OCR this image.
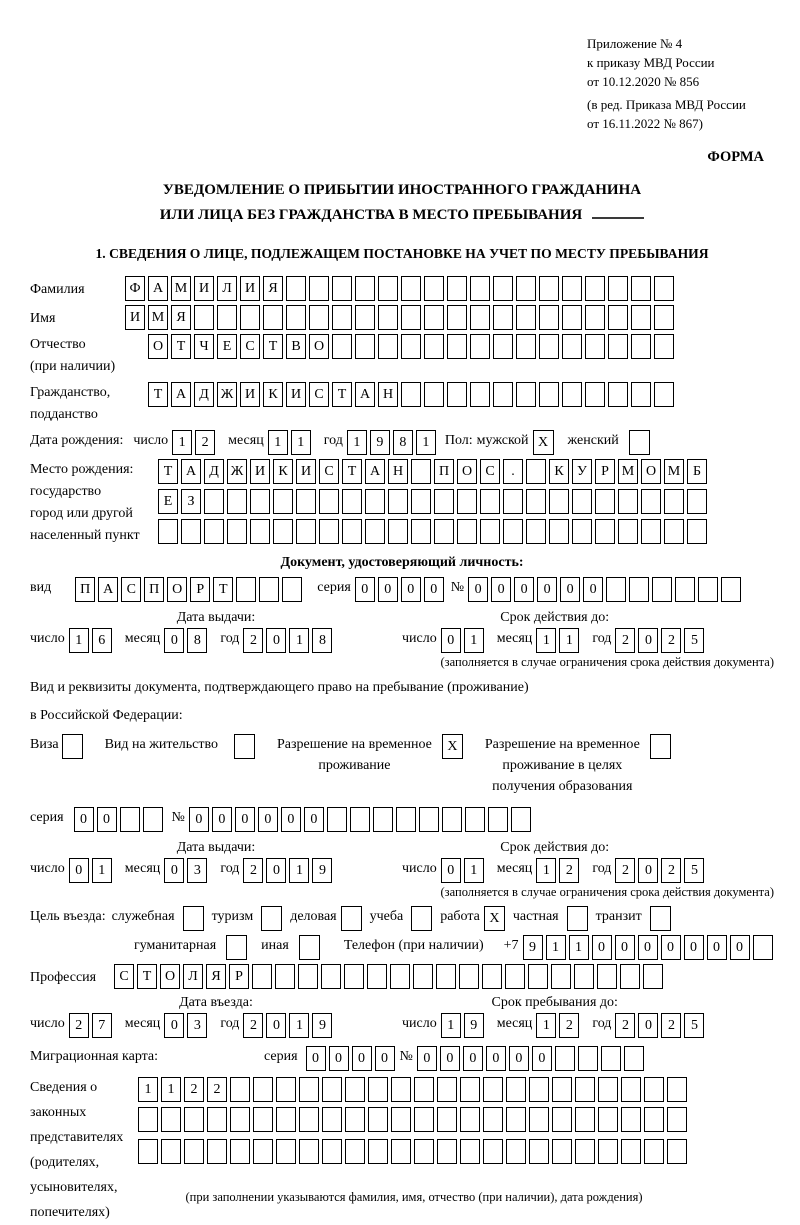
Приложение № 4
к приказу МВД России
от 10.12.2020 № 856
(в ред. Приказа МВД России
от 16.11.2022 № 867)
ФОРМА
УВЕДОМЛЕНИЕ О ПРИБЫТИИ ИНОСТРАННОГО ГРАЖДАНИНА
ИЛИ ЛИЦА БЕЗ ГРАЖДАНСТВА В МЕСТО ПРЕБЫВАНИЯ
1. СВЕДЕНИЯ О ЛИЦЕ, ПОДЛЕЖАЩЕМ ПОСТАНОВКЕ НА УЧЕТ ПО МЕСТУ ПРЕБЫВАНИЯ
Фамилия	Ф А М И Л И Я
Имя	И М Я
Отчество
(при наличии)
О Т	Ч	Е	С	Т	В О
Гражданство,
подданство
Т А Д Ж И К И С	Т А Н
Дата рождения: число 1	2	месяц 1	1	год 1	9	8	1	Пол: мужской X	женский
Место рождения:
государство
город или другой
населенный пункт
Т А Д Ж И К И С	Т А Н	П О С	.	К У	Р М О М Б
Е	З
Документ, удостоверяющий личность:
вид	П А С П О	Р	Т	серия 0	0	0	0 № 0	0	0	0	0	0
Дата выдачи:
число 1	6	месяц 0	8	год 2	0	1	8
Срок действия до:
число 0	1	месяц 1	1	год 2	0	2	5
(заполняется в случае ограничения срока действия документа)
Вид и реквизиты документа, подтверждающего право на пребывание (проживание)
в Российской Федерации:
Виза	Вид на жительство	Разрешение на временное
проживание
X	Разрешение на временное
проживание в целях
получения образования
серия	0	0	№ 0	0	0	0	0	0
Дата выдачи:
число 0	1	месяц 0	3	год 2	0	1	9
Срок действия до:
число 0	1	месяц 1	2	год 2	0	2	5
(заполняется в случае ограничения срока действия документа)
Цель въезда: служебная	туризм	деловая учеба	работа X частная	транзит
гуманитарная	иная	Телефон (при наличии) +7 9	1	1	0	0	0	0	0	0	0
Профессия	С	Т О Л Я	Р
Дата въезда:
число 2	7	месяц 0	3	год 2	0	1	9
Срок пребывания до:
число 1	9	месяц 1	2	год 2	0	2	5
Миграционная карта:	серия	0	0	0	0 № 0	0	0	0	0	0
Сведения о
законных
представителях
(родителях,
усыновителях,
попечителях)
1	1	2	2
(при заполнении указываются фамилия, имя, отчество (при наличии), дата рождения)
